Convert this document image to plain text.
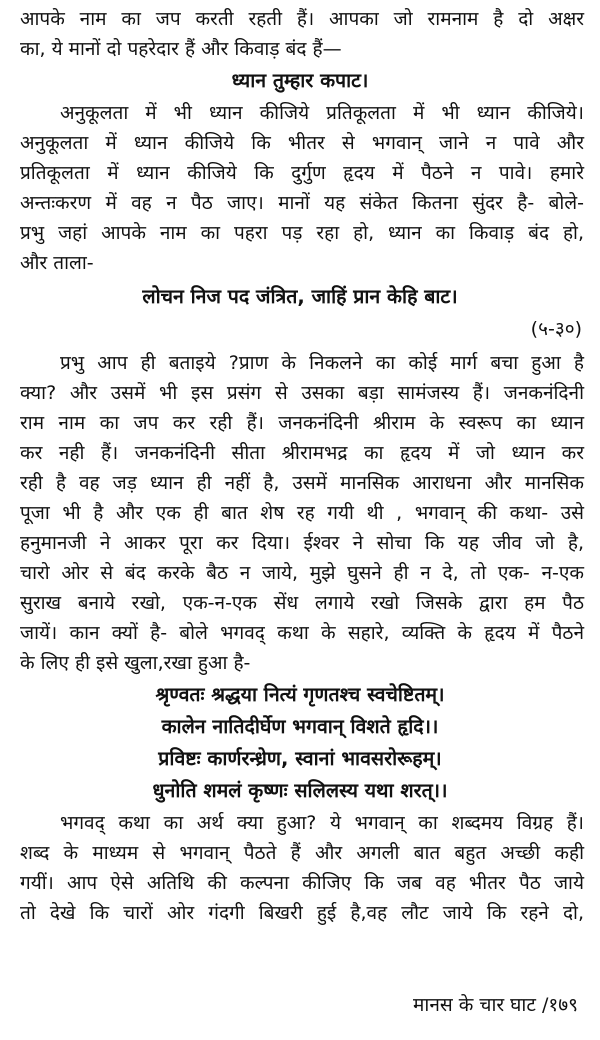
आपके नाम का जप करती रहती हैं। आपका जो रामनाम है दो अक्षर
का, ये मानों दो पहरेदार हैं और किवाड़ बंद हैं—
ध्यान तुम्हार कपाट।
अनुकूलता में भी ध्यान कीजिये प्रतिकूलता में भी ध्यान कीजिये।
अनुकूलता में ध्यान कीजिये कि भीतर से भगवान् जाने न पावे और
प्रतिकूलता में ध्यान कीजिये कि दुर्गुण हृदय में पैठने न पावे। हमारे
अन्तःकरण में वह न पैठ जाए। मानों यह संकेत कितना सुंदर है- बोले-
प्रभु जहां आपके नाम का पहरा पड़ रहा हो, ध्यान का किवाड़ बंद हो,
और ताला-
लोचन निज पद जंत्रित, जाहिं प्रान केहि बाट।
(५-३०)
प्रभु आप ही बताइये ?प्राण के निकलने का कोई मार्ग बचा हुआ है
क्या? और उसमें भी इस प्रसंग से उसका बड़ा सामंजस्य हैं। जनकनंदिनी
राम नाम का जप कर रही हैं। जनकनंदिनी श्रीराम के स्वरूप का ध्यान
कर नही हैं। जनकनंदिनी सीता श्रीरामभद्र का हृदय में जो ध्यान कर
रही है वह जड़ ध्यान ही नहीं है, उसमें मानसिक आराधना और मानसिक
पूजा भी है और एक ही बात शेष रह गयी थी , भगवान् की कथा- उसे
हनुमानजी ने आकर पूरा कर दिया। ईश्वर ने सोचा कि यह जीव जो है,
चारो ओर से बंद करके बैठ न जाये, मुझे घुसने ही न दे, तो एक- न-एक
सुराख बनाये रखो, एक-न-एक सेंध लगाये रखो जिसके द्वारा हम पैठ
जायें। कान क्यों है- बोले भगवद् कथा के सहारे, व्यक्ति के हृदय में पैठने
के लिए ही इसे खुला,रखा हुआ है-
श्रृण्वतः श्रद्धया नित्यं गृणतश्च स्वचेष्टितम्।
कालेन नातिदीर्घेण भगवान् विशते हृदि।।
प्रविष्टः कार्णरन्ध्रेण, स्वानां भावसरोरूहम्।
धुनोति शमलं कृष्णः सलिलस्य यथा शरत्।।
भगवद् कथा का अर्थ क्या हुआ? ये भगवान् का शब्दमय विग्रह हैं।
शब्द के माध्यम से भगवान् पैठते हैं और अगली बात बहुत अच्छी कही
गयीं। आप ऐसे अतिथि की कल्पना कीजिए कि जब वह भीतर पैठ जाये
तो देखे कि चारों ओर गंदगी बिखरी हुई है,वह लौट जाये कि रहने दो,
मानस के चार घाट /१७९
